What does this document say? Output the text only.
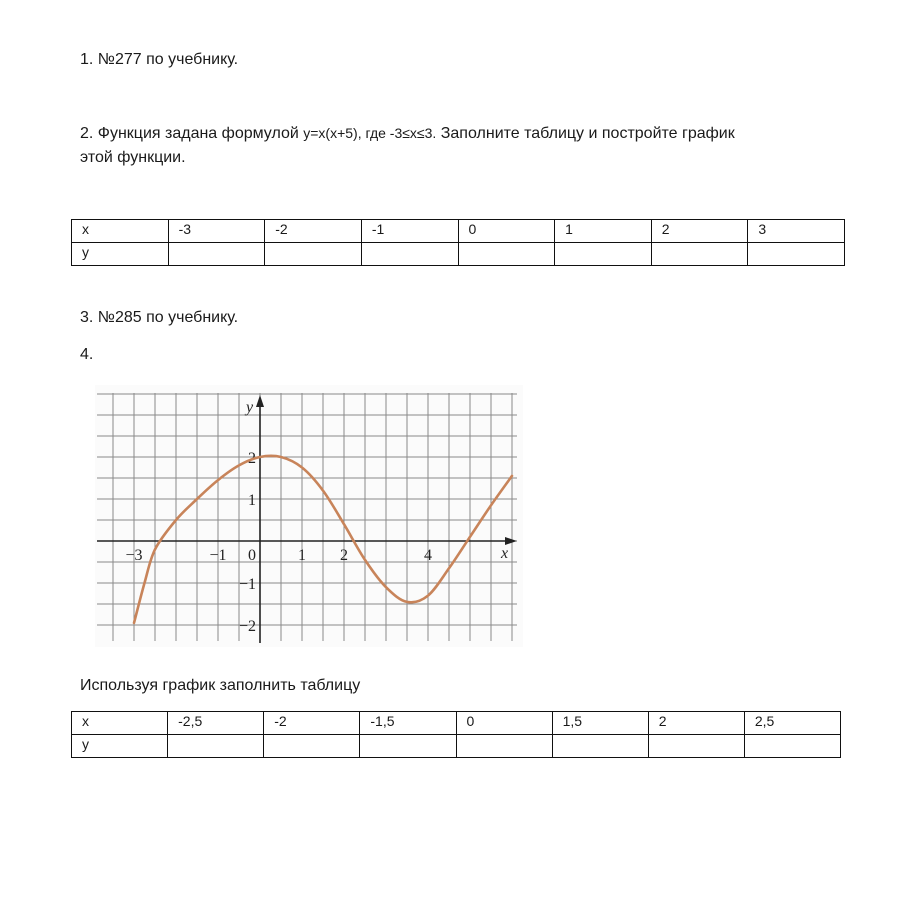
1. №277 по учебнику.
2. Функция задана формулой y=x(x+5), где -3≤x≤3. Заполните таблицу и постройте график
этой функции.
x	-3	-2	-1	0	1	2	3
y							
3. №285 по учебнику.
4.
x
y
−3	−1 0	1 2	4
2
1
−1
−2
Используя график заполнить таблицу
x	-2,5	-2	-1,5	0	1,5	2	2,5
y							
